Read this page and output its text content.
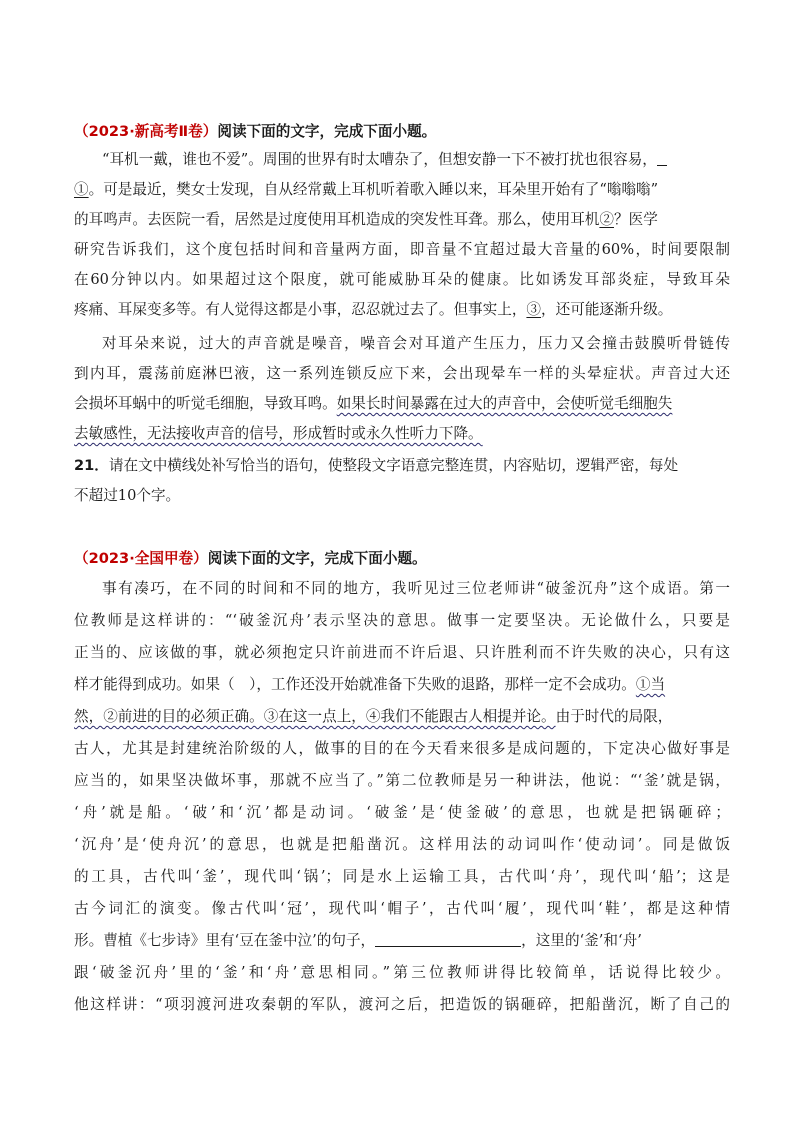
（2023·新高考Ⅱ卷）阅读下面的文字，完成下面小题。
“耳机一戴，谁也不爱”。周围的世界有时太嘈杂了，但想安静一下不被打扰也很容易，
①。可是最近，樊女士发现，自从经常戴上耳机听着歌入睡以来，耳朵里开始有了“嗡嗡嗡”
的耳鸣声。去医院一看，居然是过度使用耳机造成的突发性耳聋。那么，使用耳机②？医学
研究告诉我们，这个度包括时间和音量两方面，即音量不宜超过最大音量的60%，时间要限制
在60分钟以内。如果超过这个限度，就可能威胁耳朵的健康。比如诱发耳部炎症，导致耳朵
疼痛、耳屎变多等。有人觉得这都是小事，忍忍就过去了。但事实上，③，还可能逐渐升级。
对耳朵来说，过大的声音就是噪音，噪音会对耳道产生压力，压力又会撞击鼓膜听骨链传
到内耳，震荡前庭淋巴液，这一系列连锁反应下来，会出现晕车一样的头晕症状。声音过大还
会损坏耳蜗中的听觉毛细胞，导致耳鸣。如果长时间暴露在过大的声音中，会使听觉毛细胞失
去敏感性，无法接收声音的信号，形成暂时或永久性听力下降。
21．请在文中横线处补写恰当的语句，使整段文字语意完整连贯，内容贴切，逻辑严密，每处
不超过10个字。
（2023·全国甲卷）阅读下面的文字，完成下面小题。
事有凑巧，在不同的时间和不同的地方，我听见过三位老师讲“破釜沉舟”这个成语。第一
位教师是这样讲的：“‘破釜沉舟’表示坚决的意思。做事一定要坚决。无论做什么，只要是
正当的、应该做的事，就必须抱定只许前进而不许后退、只许胜利而不许失败的决心，只有这
样才能得到成功。如果（　），工作还没开始就准备下失败的退路，那样一定不会成功。①当
然，②前进的目的必须正确。③在这一点上，④我们不能跟古人相提并论。由于时代的局限，
古人，尤其是封建统治阶级的人，做事的目的在今天看来很多是成问题的，下定决心做好事是
应当的，如果坚决做坏事，那就不应当了。”第二位教师是另一种讲法，他说：“‘釜’就是锅，
‘舟’就是船。‘破’和‘沉’都是动词。‘破釜’是‘使釜破’的意思，也就是把锅砸碎；
‘沉舟’是‘使舟沉’的意思，也就是把船凿沉。这样用法的动词叫作‘使动词’。同是做饭
的工具，古代叫‘釜’，现代叫‘锅’；同是水上运输工具，古代叫‘舟’，现代叫‘船’；这是
古今词汇的演变。像古代叫‘冠’，现代叫‘帽子’，古代叫‘履’，现代叫‘鞋’，都是这种情
形。曹植《七步诗》里有‘豆在釜中泣’的句子，	，这里的‘釜’和‘舟’
跟‘破釜沉舟’里的‘釜’和‘舟’意思相同。”第三位教师讲得比较简单，话说得比较少。
他这样讲：“项羽渡河进攻秦朝的军队，渡河之后，把造饭的锅砸碎，把船凿沉，断了自己的
